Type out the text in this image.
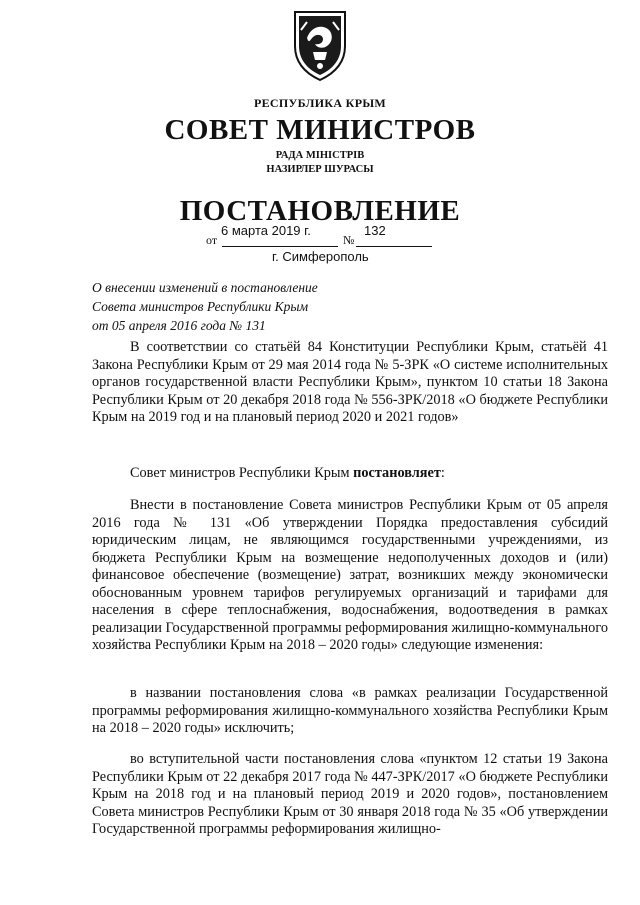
РЕСПУБЛИКА КРЫМ
СОВЕТ МИНИСТРОВ
РАДА МІНІСТРІВ
НАЗИРЛЕР ШУРАСЫ
ПОСТАНОВЛЕНИЕ
6 марта 2019 г.	132
от	№
г. Симферополь
О внесении изменений в постановление
Совета министров Республики Крым
от 05 апреля 2016 года № 131
В соответствии со статьёй 84 Конституции Республики Крым, статьёй 41 Закона Республики Крым от 29 мая 2014 года № 5-ЗРК «О системе исполнительных органов государственной власти Республики Крым», пунктом 10 статьи 18 Закона Республики Крым от 20 декабря 2018 года № 556-ЗРК/2018 «О бюджете Республики Крым на 2019 год и на плановый период 2020 и 2021 годов»
Совет министров Республики Крым постановляет:
Внести в постановление Совета министров Республики Крым от 05 апреля 2016 года № 131 «Об утверждении Порядка предоставления субсидий юридическим лицам, не являющимся государственными учреждениями, из бюджета Республики Крым на возмещение недополученных доходов и (или) финансовое обеспечение (возмещение) затрат, возникших между экономически обоснованным уровнем тарифов регулируемых организаций и тарифами для населения в сфере теплоснабжения, водоснабжения, водоотведения в рамках реализации Государственной программы реформирования жилищно-коммунального хозяйства Республики Крым на 2018 – 2020 годы» следующие изменения:
в названии постановления слова «в рамках реализации Государственной программы реформирования жилищно-коммунального хозяйства Республики Крым на 2018 – 2020 годы» исключить;
во вступительной части постановления слова «пунктом 12 статьи 19 Закона Республики Крым от 22 декабря 2017 года № 447-ЗРК/2017 «О бюджете Республики Крым на 2018 год и на плановый период 2019 и 2020 годов», постановлением Совета министров Республики Крым от 30 января 2018 года № 35 «Об утверждении Государственной программы реформирования жилищно-
